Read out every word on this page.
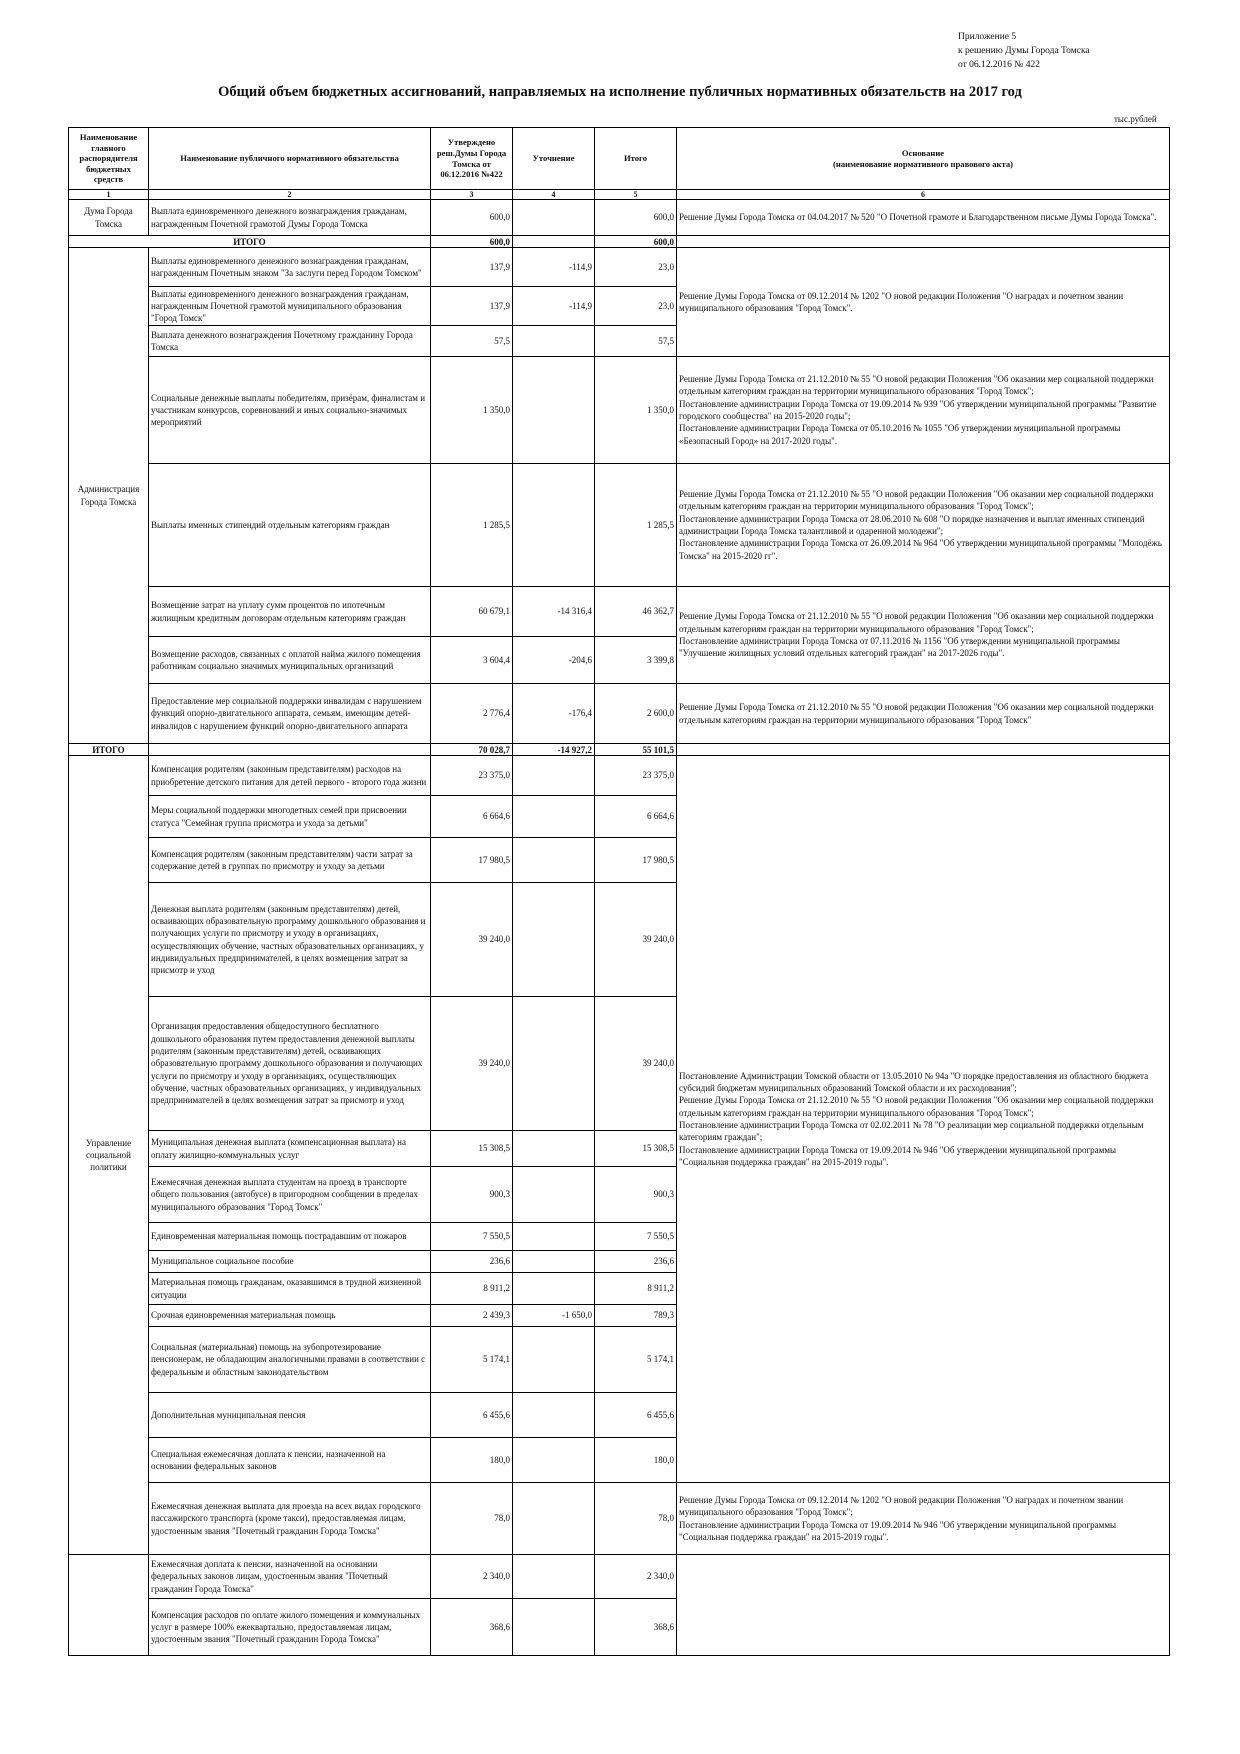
Приложение 5
к решению Думы Города Томска
от 06.12.2016 № 422
Общий объем бюджетных ассигнований, направляемых на исполнение публичных нормативных обязательств на 2017 год
тыс.рублей
Наименование главного распорядителя бюджетных средств	Наименование публичного нормативного обязательства	Утверждено реш.Думы Города Томска от 06.12.2016 №422	Уточнение	Итого	Основание
(наименование нормативного правового акта)
1	2	3	4	5	6
Дума Города Томска	Выплата единовременного денежного вознаграждения гражданам, награжденным Почетной грамотой Думы Города Томска	600,0		600,0	Решение Думы Города Томска от 04.04.2017 № 520 "О Почетной грамоте и Благодарственном письме Думы Города Томска".
ИТОГО		600,0		600,0	
Администрация Города Томска	Выплаты единовременного денежного вознаграждения гражданам, награжденным Почетным знаком "За заслуги перед Городом Томском"	137,9	-114,9	23,0	Решение Думы Города Томска от 09.12.2014 № 1202 "О новой редакции Положения "О наградах и почетном звании муниципального образования "Город Томск".
	Выплаты единовременного денежного вознаграждения гражданам, награжденным Почетной грамотой муниципального образования "Город Томск"	137,9	-114,9	23,0	
	Выплата денежного вознаграждения Почетному гражданину Города Томска	57,5		57,5	
	Социальные денежные выплаты победителям, призёрам, финалистам и участникам конкурсов, соревнований и иных социально-значимых мероприятий	1 350,0		1 350,0	Решение Думы Города Томска от 21.12.2010 № 55 "О новой редакции Положения "Об оказании мер социальной поддержки отдельным категориям граждан на территории муниципального образования "Город Томск";
Постановление администрации Города Томска от 19.09.2014 № 939 "Об утверждении муниципальной программы "Развитие городского сообщества" на 2015-2020 годы";
Постановление администрации Города Томска от 05.10.2016 № 1055 "Об утверждении муниципальной программы «Безопасный Город» на 2017-2020 годы".
	Выплаты именных стипендий отдельным категориям граждан	1 285,5		1 285,5	Решение Думы Города Томска от 21.12.2010 № 55 "О новой редакции Положения "Об оказании мер социальной поддержки отдельным категориям граждан на территории муниципального образования "Город Томск";
Постановление администрации Города Томска от 28.06.2010 № 608 "О порядке назначения и выплат именных стипендий администрации Города Томска талантливой и одаренной молодежи";
Постановление администрации Города Томска от 26.09.2014 № 964 "Об утверждении муниципальной программы "Молодёжь Томска" на 2015-2020 гг".
	Возмещение затрат на уплату сумм процентов по ипотечным жилищным кредитным договорам отдельным категориям граждан	60 679,1	-14 316,4	46 362,7	Решение Думы Города Томска от 21.12.2010 № 55 "О новой редакции Положения "Об оказании мер социальной поддержки отдельным категориям граждан на территории муниципального образования "Город Томск";
Постановление администрации Города Томска от 07.11.2016 № 1156 "Об утверждении муниципальной программы "Улучшение жилищных условий отдельных категорий граждан" на 2017-2026 годы".
	Возмещение расходов, связанных с оплатой найма жилого помещения работникам социально значимых муниципальных организаций	3 604,4	-204,6	3 399,8	
	Предоставление мер социальной поддержки инвалидам с нарушением функций опорно-двигательного аппарата, семьям, имеющим детей-инвалидов с нарушением функций опорно-двигательного аппарата	2 776,4	-176,4	2 600,0	Решение Думы Города Томска от 21.12.2010 № 55 "О новой редакции Положения "Об оказании мер социальной поддержки отдельным категориям граждан на территории муниципального образования "Город Томск"
ИТОГО		70 028,7	-14 927,2	55 101,5	
Управление социальной политики	Компенсация родителям (законным представителям) расходов на приобретение детского питания для детей первого - второго года жизни	23 375,0		23 375,0	Постановление Администрации Томской области от 13.05.2010 № 94а "О порядке предоставления из областного бюджета субсидий бюджетам муниципальных образований Томской области и их расходования";
Решение Думы Города Томска от 21.12.2010 № 55 "О новой редакции Положения "Об оказании мер социальной поддержки отдельным категориям граждан на территории муниципального образования "Город Томск";
Постановление администрации Города Томска от 02.02.2011 № 78 "О реализации мер социальной поддержки отдельным категориям граждан";
Постановление администрации Города Томска от 19.09.2014 № 946 "Об утверждении муниципальной программы "Социальная поддержка граждан" на 2015-2019 годы".
	Меры социальной поддержки многодетных семей при присвоении статуса "Семейная группа присмотра и ухода за детьми"	6 664,6		6 664,6	
	Компенсация родителям (законным представителям) части затрат за содержание детей в группах по присмотру и уходу за детьми	17 980,5		17 980,5	
	Денежная выплата родителям (законным представителям) детей, осваивающих образовательную программу дошкольного образования и получающих услуги по присмотру и уходу в организациях, осуществляющих обучение, частных образовательных организациях, у индивидуальных предпринимателей, в целях возмещения затрат за присмотр и уход	39 240,0		39 240,0	
	Организация предоставления общедоступного бесплатного дошкольного образования путем предоставления денежной выплаты родителям (законным представителям) детей, осваивающих образовательную программу дошкольного образования и получающих услуги по присмотру и уходу в организациях, осуществляющих обучение, частных образовательных организациях, у индивидуальных предпринимателей в целях возмещения затрат за присмотр и уход	39 240,0		39 240,0	
	Муниципальная денежная выплата (компенсационная выплата) на оплату жилищно-коммунальных услуг	15 308,5		15 308,5	
	Ежемесячная денежная выплата студентам на проезд в транспорте общего пользования (автобусе) в пригородном сообщении в пределах муниципального образования "Город Томск"	900,3		900,3	
	Единовременная материальная помощь пострадавшим от пожаров	7 550,5		7 550,5	
	Муниципальное социальное пособие	236,6		236,6	
	Материальная помощь гражданам, оказавшимся в трудной жизненной ситуации	8 911,2		8 911,2	
	Срочная единовременная материальная помощь	2 439,3	-1 650,0	789,3	
	Социальная (материальная) помощь на зубопротезирование пенсионерам, не обладающим аналогичными правами в соответствии с федеральным и областным законодательством	5 174,1		5 174,1	
	Дополнительная муниципальная пенсия	6 455,6		6 455,6	
	Специальная ежемесячная доплата к пенсии, назначенной на основании федеральных законов	180,0		180,0	
	Ежемесячная денежная выплата для проезда на всех видах городского пассажирского транспорта (кроме такси), предоставляемая лицам, удостоенным звания "Почетный гражданин Города Томска"	78,0		78,0	Решение Думы Города Томска от 09.12.2014 № 1202 "О новой редакции Положения "О наградах и почетном звании муниципального образования "Город Томск";
Постановление администрации Города Томска от 19.09.2014 № 946 "Об утверждении муниципальной программы "Социальная поддержка граждан" на 2015-2019 годы".
	Ежемесячная доплата к пенсии, назначенной на основании федеральных законов лицам, удостоенным звания "Почетный гражданин Города Томска"	2 340,0		2 340,0	
	Компенсация расходов по оплате жилого помещения и коммунальных услуг в размере 100% ежеквартально, предоставляемая лицам, удостоенным звания "Почетный гражданин Города Томска"	368,6		368,6	
